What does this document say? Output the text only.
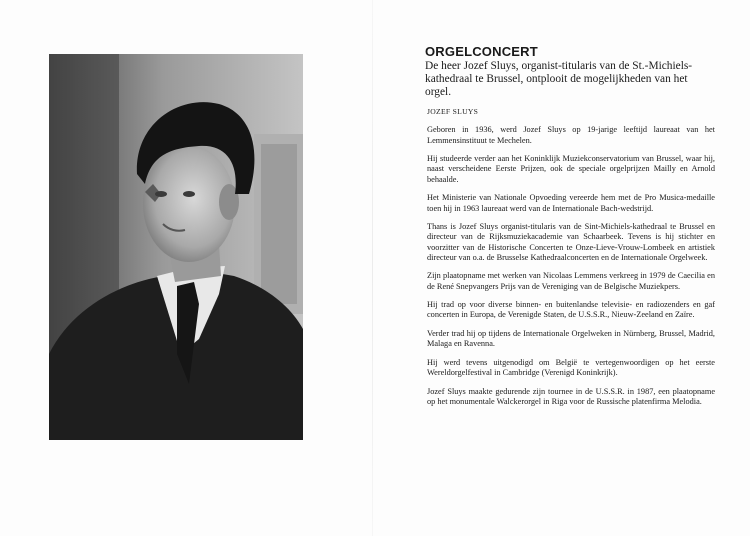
ORGELCONCERT
De heer Jozef Sluys, organist-titularis van de St.-Michiels-kathedraal te Brussel, ontplooit de mogelijkheden van het orgel.
JOZEF SLUYS
Geboren in 1936, werd Jozef Sluys op 19-jarige leeftijd laureaat van het Lemmensinstituut te Mechelen.
Hij studeerde verder aan het Koninklijk Muziekconservatorium van Brussel, waar hij, naast verscheidene Eerste Prijzen, ook de speciale orgelprijzen Mailly en Arnold behaalde.
Het Ministerie van Nationale Opvoeding vereerde hem met de Pro Musica-medaille toen hij in 1963 laureaat werd van de Internationale Bach-wedstrijd.
Thans is Jozef Sluys organist-titularis van de Sint-Michiels-kathedraal te Brussel en directeur van de Rijksmuziekacademie van Schaarbeek. Tevens is hij stichter en voorzitter van de Historische Concerten te Onze-Lieve-Vrouw-Lombeek en artistiek directeur van o.a. de Brusselse Kathedraalconcerten en de Internationale Orgelweek.
Zijn plaatopname met werken van Nicolaas Lemmens verkreeg in 1979 de Caecilia en de René Snepvangers Prijs van de Vereniging van de Belgische Muziekpers.
Hij trad op voor diverse binnen- en buitenlandse televisie- en radiozenders en gaf concerten in Europa, de Verenigde Staten, de U.S.S.R., Nieuw-Zeeland en Zaïre.
Verder trad hij op tijdens de Internationale Orgelweken in Nürnberg, Brussel, Madrid, Malaga en Ravenna.
Hij werd tevens uitgenodigd om België te vertegenwoordigen op het eerste Wereldorgelfestival in Cambridge (Verenigd Koninkrijk).
Jozef Sluys maakte gedurende zijn tournee in de U.S.S.R. in 1987, een plaatopname op het monumentale Walckerorgel in Riga voor de Russische platenfirma Melodia.
